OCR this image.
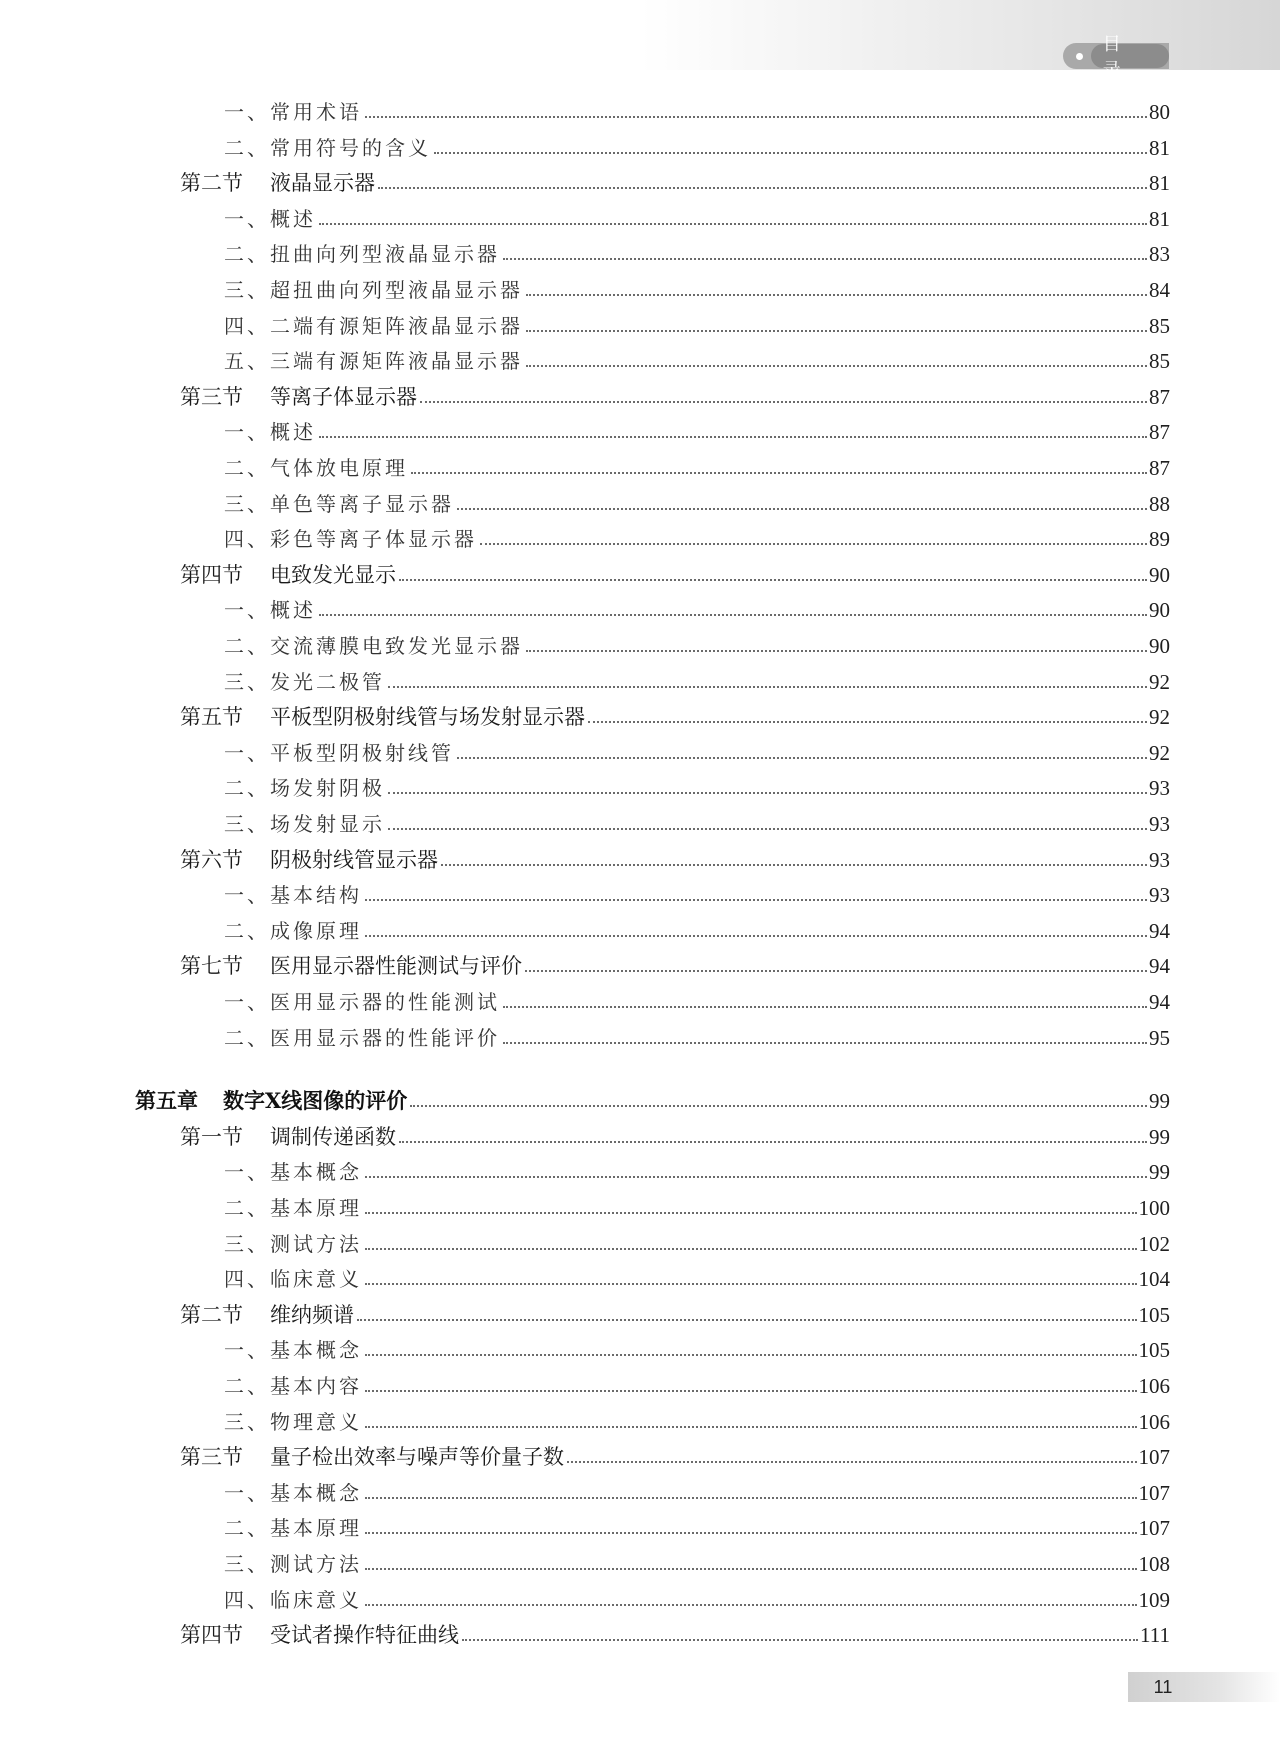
目录
一、常用术语	80
二、常用符号的含义	81
第二节 液晶显示器	81
一、概述	81
二、扭曲向列型液晶显示器	83
三、超扭曲向列型液晶显示器	84
四、二端有源矩阵液晶显示器	85
五、三端有源矩阵液晶显示器	85
第三节 等离子体显示器	87
一、概述	87
二、气体放电原理	87
三、单色等离子显示器	88
四、彩色等离子体显示器	89
第四节 电致发光显示	90
一、概述	90
二、交流薄膜电致发光显示器	90
三、发光二极管	92
第五节 平板型阴极射线管与场发射显示器	92
一、平板型阴极射线管	92
二、场发射阴极	93
三、场发射显示	93
第六节 阴极射线管显示器	93
一、基本结构	93
二、成像原理	94
第七节 医用显示器性能测试与评价	94
一、医用显示器的性能测试	94
二、医用显示器的性能评价	95
第五章 数字X线图像的评价	99
第一节 调制传递函数	99
一、基本概念	99
二、基本原理	100
三、测试方法	102
四、临床意义	104
第二节 维纳频谱	105
一、基本概念	105
二、基本内容	106
三、物理意义	106
第三节 量子检出效率与噪声等价量子数	107
一、基本概念	107
二、基本原理	107
三、测试方法	108
四、临床意义	109
第四节 受试者操作特征曲线	111
11
